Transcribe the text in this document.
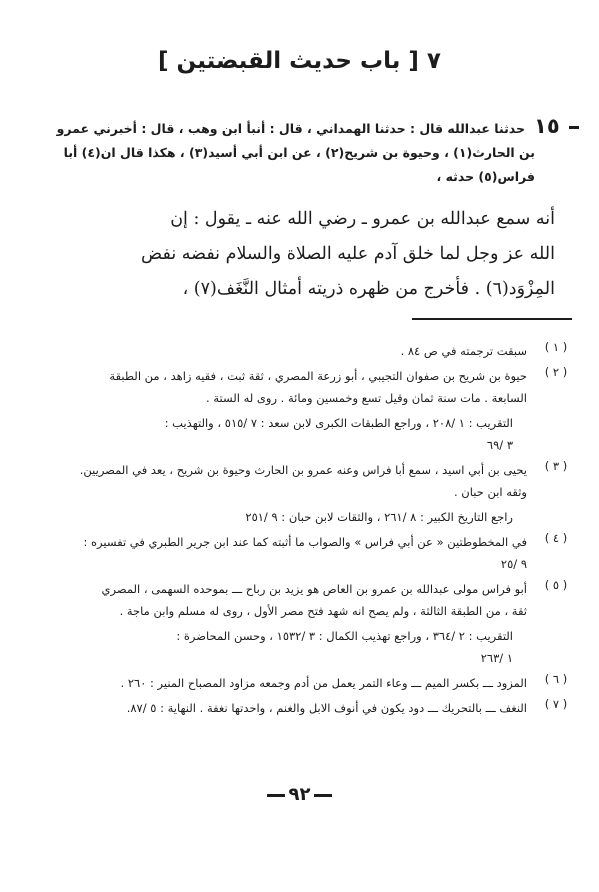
٧ [ باب حديث القبضتين ]
١٥
حدثنا عبدالله قال : حدثنا الهمداني ، قال : أنبأ ابن وهب ، قال : أخبرني عمرو
بن الحارث(١) ، وحيوة بن شريح(٢) ، عن ابن أبي أسيد(٣) ، هكذا قال ان(٤) أبا
فراس(٥) حدثه ،
أنه سمع عبدالله بن عمرو ـ رضي الله عنه ـ يقول : إن
الله عز وجل لما خلق آدم عليه الصلاة والسلام نفضه نفض
المِزْوَد(٦) . فأخرج من ظهره ذريته أمثال النَّغَف(٧) ،
( ١ )
سبقت ترجمته في ص ٨٤ .
( ٢ )
حيوة بن شريح بن صفوان التجيبي ، أبو زرعة المصري ، ثقة ثبت ، فقيه زاهد ، من الطبقة
السابعة . مات سنة ثمان وقيل تسع وخمسين ومائة . روى له الستة .
التقريب : ١ /٢٠٨ ، وراجع الطبقات الكبرى لابن سعد : ٧ /٥١٥ ، والتهذيب :
٣ /٦٩
( ٣ )
يحيى بن أبي اسيد ، سمع أبا فراس وعنه عمرو بن الحارث وحيوة بن شريح ، يعد في المصريين.
وثقه ابن حبان .
راجع التاريخ الكبير : ٨ /٢٦١ ، والثقات لابن حبان : ٩ /٢٥١
( ٤ )
في المخطوطتين « عن أبي فراس » والصواب ما أثبته كما عند ابن جرير الطبري في تفسيره :
٩ /٢٥
( ٥ )
أبو فراس مولى عبدالله بن عمرو بن العاص هو يزيد بن رباح ـــ بموحده السهمى ، المصري
ثقة ، من الطبقة الثالثة ، ولم يصح انه شهد فتح مصر الأول ، روى له مسلم وابن ماجة .
التقريب : ٢ /٣٦٤ ، وراجع تهذيب الكمال : ٣ /١٥٣٢ ، وحسن المحاضرة :
١ /٢٦٣
( ٦ )
المزود ـــ بكسر الميم ـــ وعاء التمر يعمل من أدم وجمعه مزاود المصباح المنير : ٢٦٠ .
( ٧ )
النغف ـــ بالتحريك ـــ دود يكون في أنوف الابل والغنم ، واحدتها نغفة . النهاية : ٥ /٨٧.
٩٢
